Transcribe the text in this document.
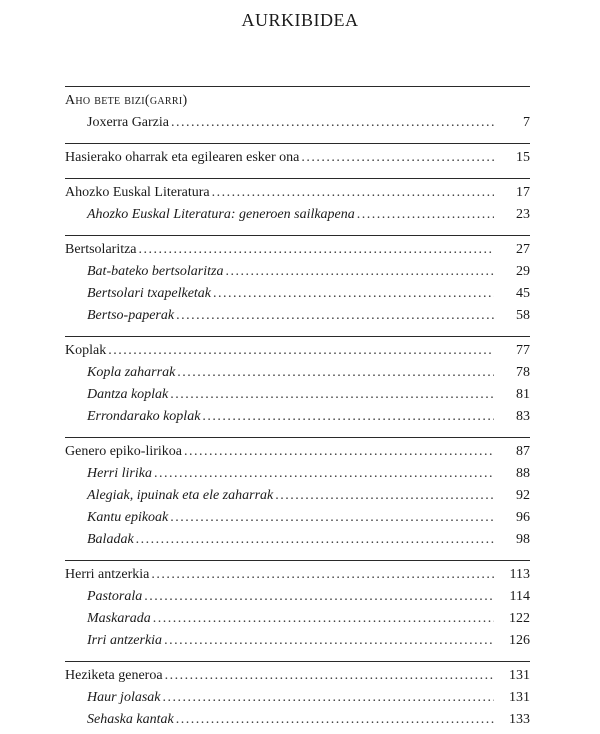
AURKIBIDEA
Aho bete bizi(garri)
Joxerra Garzia . . .	7
Hasierako oharrak eta egilearen esker ona . . .	15
Ahozko Euskal Literatura . . .	17
Ahozko Euskal Literatura: generoen sailkapena . . .	23
Bertsolaritza . . .	27
Bat-bateko bertsolaritza . . .	29
Bertsolari txapelketak . . .	45
Bertso-paperak . . .	58
Koplak . . .	77
Kopla zaharrak . . .	78
Dantza koplak . . .	81
Errondarako koplak . . .	83
Genero epiko-lirikoa . . .	87
Herri lirika . . .	88
Alegiak, ipuinak eta ele zaharrak . . .	92
Kantu epikoak . . .	96
Baladak . . .	98
Herri antzerkia . . .	113
Pastorala . . .	114
Maskarada . . .	122
Irri antzerkia . . .	126
Heziketa generoa . . .	131
Haur jolasak . . .	131
Sehaska kantak . . .	133
